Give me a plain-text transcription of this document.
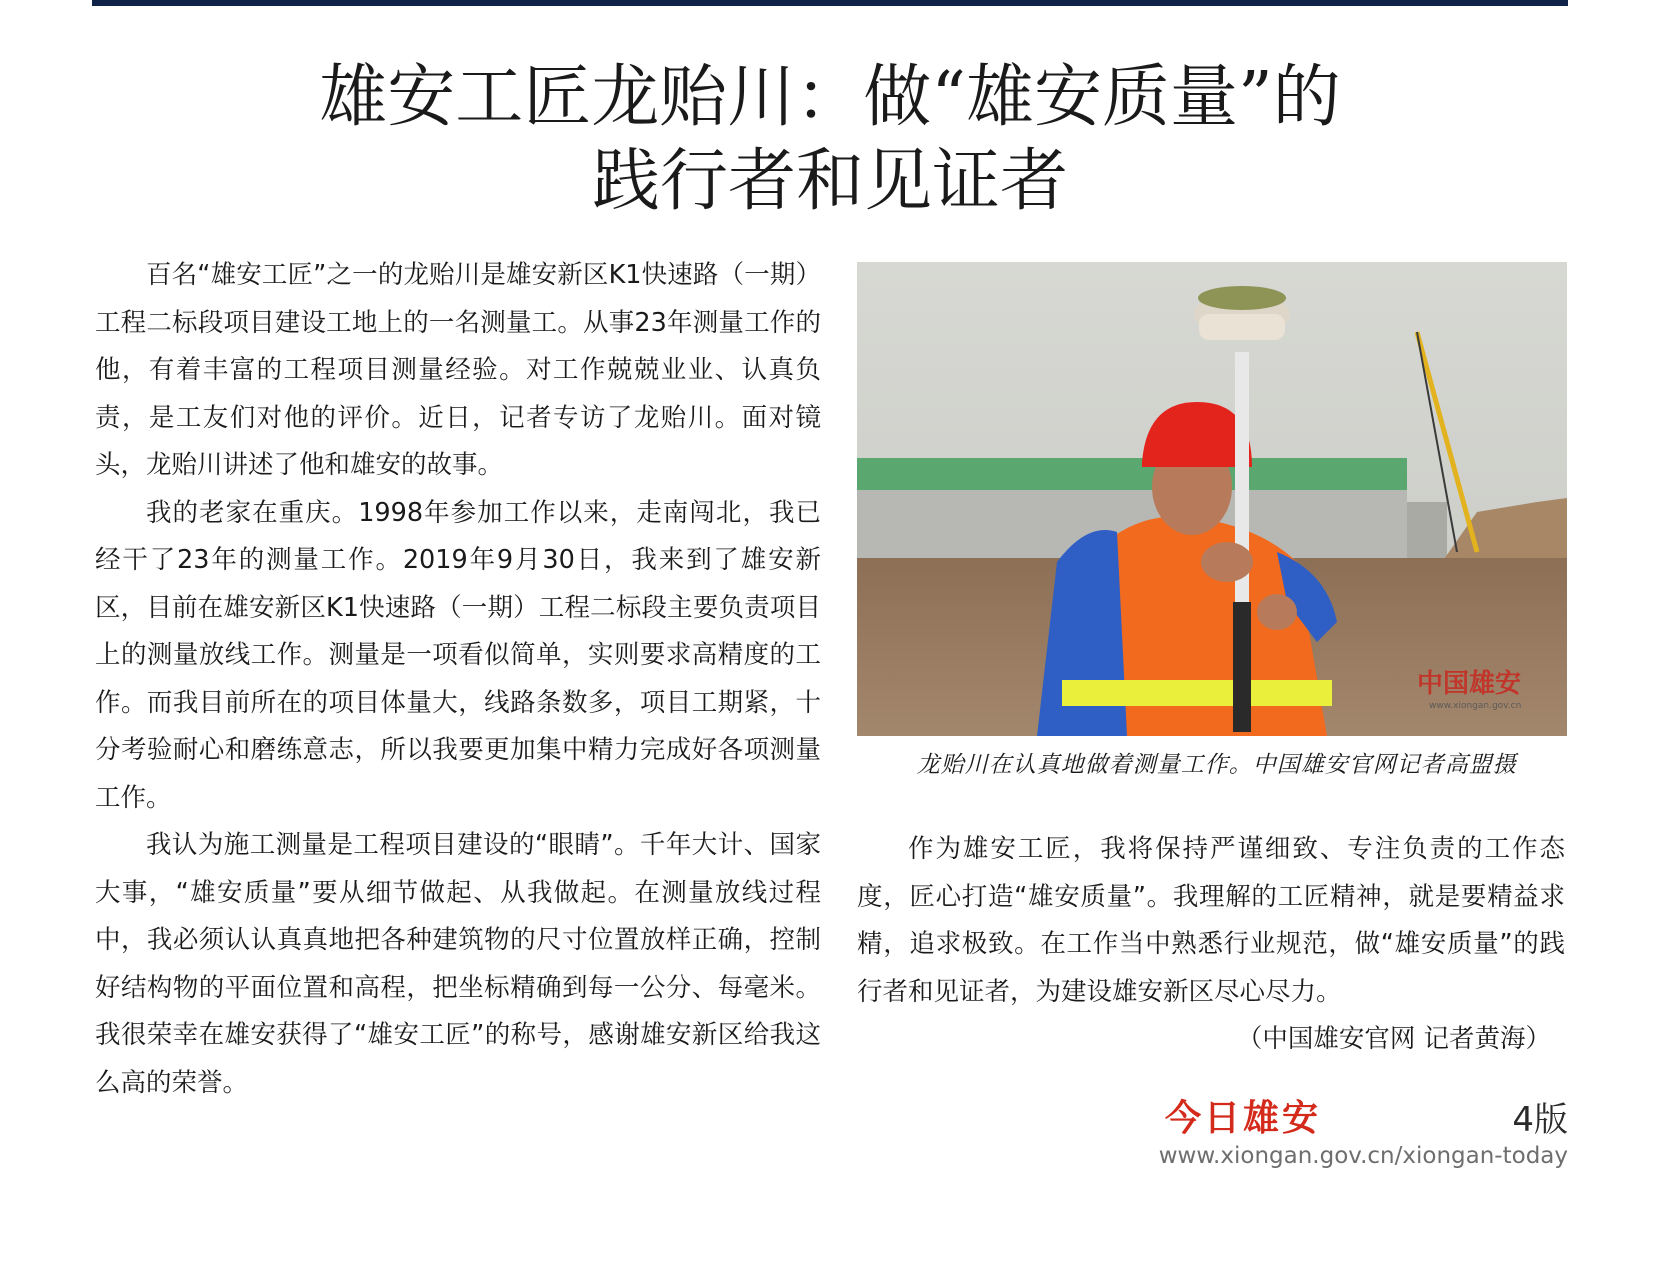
雄安工匠龙贻川：做“雄安质量”的
践行者和见证者

百名“雄安工匠”之一的龙贻川是雄安新区K1快速路（一期）工程二标段项目建设工地上的一名测量工。从事23年测量工作的他，有着丰富的工程项目测量经验。对工作兢兢业业、认真负责，是工友们对他的评价。近日，记者专访了龙贻川。面对镜头，龙贻川讲述了他和雄安的故事。

我的老家在重庆。1998年参加工作以来，走南闯北，我已经干了23年的测量工作。2019年9月30日，我来到了雄安新区，目前在雄安新区K1快速路（一期）工程二标段主要负责项目上的测量放线工作。测量是一项看似简单，实则要求高精度的工作。而我目前所在的项目体量大，线路条数多，项目工期紧，十分考验耐心和磨练意志，所以我要更加集中精力完成好各项测量工作。

我认为施工测量是工程项目建设的“眼睛”。千年大计、国家大事，“雄安质量”要从细节做起、从我做起。在测量放线过程中，我必须认认真真地把各种建筑物的尺寸位置放样正确，控制好结构物的平面位置和高程，把坐标精确到每一公分、每毫米。我很荣幸在雄安获得了“雄安工匠”的称号，感谢雄安新区给我这么高的荣誉。

中国雄安
www.xiongan.gov.cn

龙贻川在认真地做着测量工作。中国雄安官网记者高盟摄

作为雄安工匠，我将保持严谨细致、专注负责的工作态度，匠心打造“雄安质量”。我理解的工匠精神，就是要精益求精，追求极致。在工作当中熟悉行业规范，做“雄安质量”的践行者和见证者，为建设雄安新区尽心尽力。

（中国雄安官网 记者黄海）

今日雄安	4版
www.xiongan.gov.cn/xiongan-today
